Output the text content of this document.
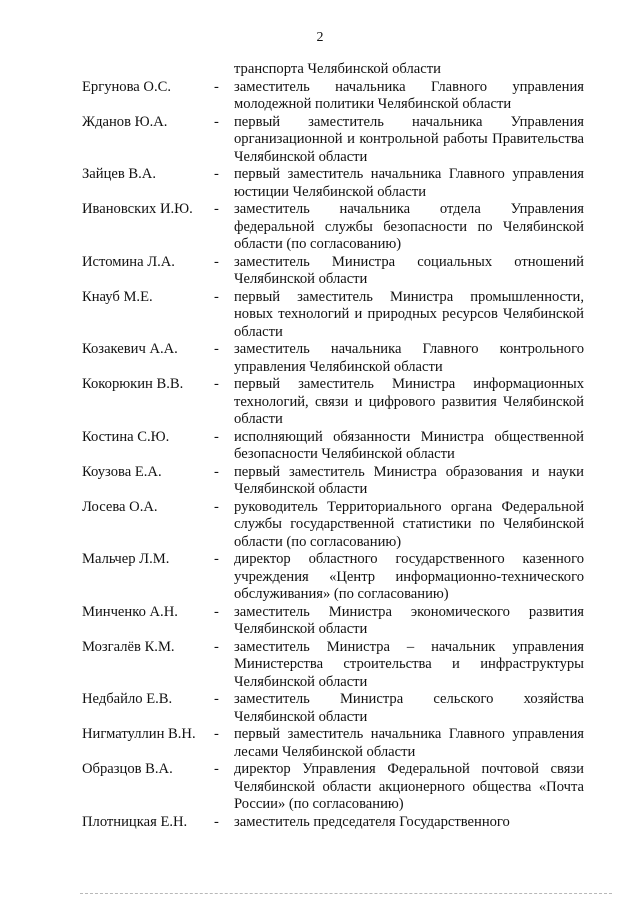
2
транспорта Челябинской области
Ергунова О.С.	-	заместитель начальника Главного управления молодежной политики Челябинской области
Жданов Ю.А.	-	первый заместитель начальника Управления организационной и контрольной работы Правительства Челябинской области
Зайцев В.А.	-	первый заместитель начальника Главного управления юстиции Челябинской области
Ивановских И.Ю.	-	заместитель начальника отдела Управления федеральной службы безопасности по Челябинской области (по согласованию)
Истомина Л.А.	-	заместитель Министра социальных отношений Челябинской области
Кнауб М.Е.	-	первый заместитель Министра промышленности, новых технологий и природных ресурсов Челябинской области
Козакевич А.А.	-	заместитель начальника Главного контрольного управления Челябинской области
Кокорюкин В.В.	-	первый заместитель Министра информационных технологий, связи и цифрового развития Челябинской области
Костина С.Ю.	-	исполняющий обязанности Министра общественной безопасности Челябинской области
Коузова Е.А.	-	первый заместитель Министра образования и науки Челябинской области
Лосева О.А.	-	руководитель Территориального органа Федеральной службы государственной статистики по Челябинской области (по согласованию)
Мальчер Л.М.	-	директор областного государственного казенного учреждения «Центр информационно-технического обслуживания» (по согласованию)
Минченко А.Н.	-	заместитель Министра экономического развития Челябинской области
Мозгалёв К.М.	-	заместитель Министра – начальник управления Министерства строительства и инфраструктуры Челябинской области
Недбайло Е.В.	-	заместитель Министра сельского хозяйства Челябинской области
Нигматуллин В.Н.	-	первый заместитель начальника Главного управления лесами Челябинской области
Образцов В.А.	-	директор Управления Федеральной почтовой связи Челябинской области акционерного общества «Почта России» (по согласованию)
Плотницкая Е.Н.	-	заместитель председателя Государственного
